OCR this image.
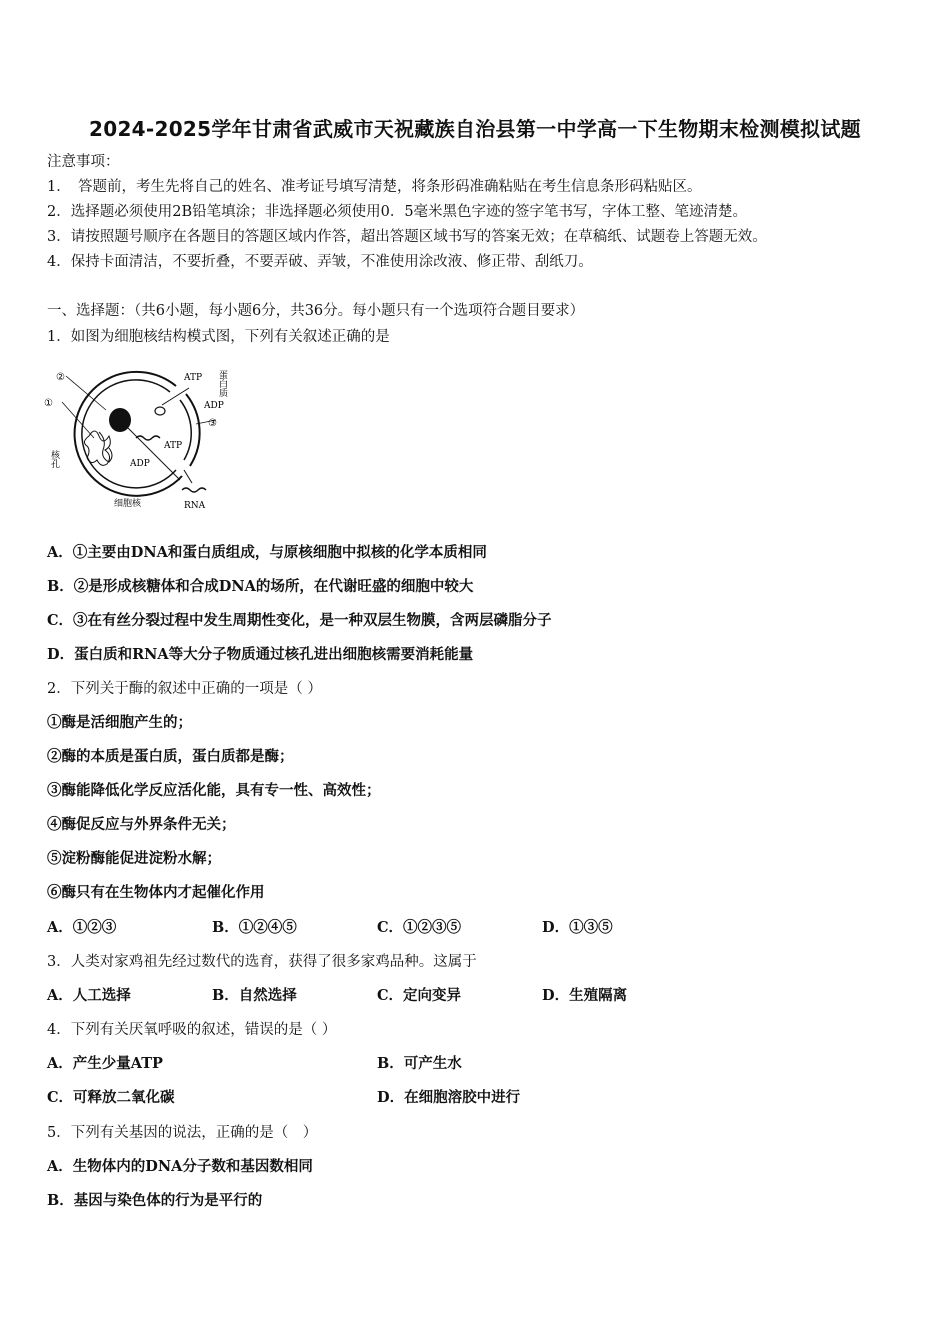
2024-2025学年甘肃省武威市天祝藏族自治县第一中学高一下生物期末检测模拟试题
注意事项：
1．　答题前，考生先将自己的姓名、准考证号填写清楚，将条形码准确粘贴在考生信息条形码粘贴区。
2．选择题必须使用2B铅笔填涂；非选择题必须使用0．5毫米黑色字迹的签字笔书写，字体工整、笔迹清楚。
3．请按照题号顺序在各题目的答题区域内作答，超出答题区域书写的答案无效；在草稿纸、试题卷上答题无效。
4．保持卡面清洁，不要折叠，不要弄破、弄皱，不准使用涂改液、修正带、刮纸刀。
一、选择题：（共6小题，每小题6分，共36分。每小题只有一个选项符合题目要求）
1．如图为细胞核结构模式图，下列有关叙述正确的是
②
①
③
ATP
ADP
蛋白质
ATP
ADP
核孔
细胞核	RNA
A．①主要由DNA和蛋白质组成，与原核细胞中拟核的化学本质相同
B．②是形成核糖体和合成DNA的场所，在代谢旺盛的细胞中较大
C．③在有丝分裂过程中发生周期性变化，是一种双层生物膜，含两层磷脂分子
D．蛋白质和RNA等大分子物质通过核孔进出细胞核需要消耗能量
2．下列关于酶的叙述中正确的一项是（ ）
①酶是活细胞产生的；
②酶的本质是蛋白质，蛋白质都是酶；
③酶能降低化学反应活化能，具有专一性、高效性；
④酶促反应与外界条件无关；
⑤淀粉酶能促进淀粉水解；
⑥酶只有在生物体内才起催化作用
A．①②③	B．①②④⑤	C．①②③⑤	D．①③⑤
3．人类对家鸡祖先经过数代的选育，获得了很多家鸡品种。这属于
A．人工选择	B．自然选择	C．定向变异	D．生殖隔离
4．下列有关厌氧呼吸的叙述，错误的是（ ）
A．产生少量ATP	B．可产生水
C．可释放二氧化碳	D．在细胞溶胶中进行
5．下列有关基因的说法，正确的是（　）
A．生物体内的DNA分子数和基因数相同
B．基因与染色体的行为是平行的
